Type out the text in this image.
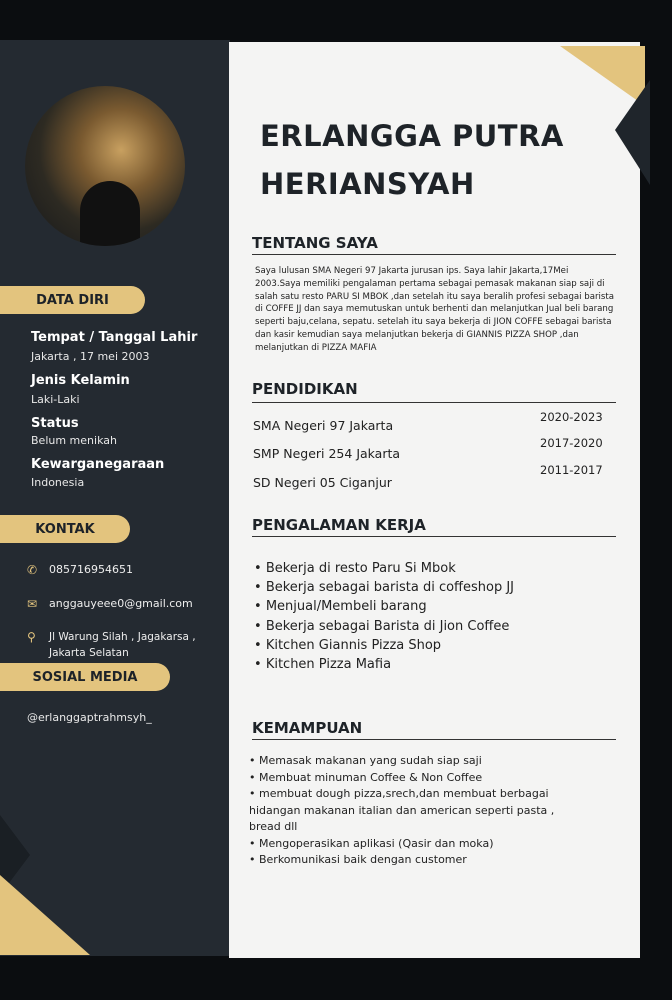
DATA DIRI
Tempat / Tanggal Lahir
Jakarta , 17 mei 2003
Jenis Kelamin
Laki-Laki
Status
Belum menikah
Kewarganegaraan
Indonesia
KONTAK
✆	085716954651
✉	anggauyeee0@gmail.com
⚲	Jl Warung Silah , Jagakarsa ,
Jakarta Selatan
SOSIAL MEDIA
@erlanggaptrahmsyh_
ERLANGGA PUTRA
HERIANSYAH
TENTANG SAYA
Saya lulusan SMA Negeri 97 Jakarta jurusan ips. Saya lahir Jakarta,17Mei 2003.Saya memiliki pengalaman pertama sebagai pemasak makanan siap saji di salah satu resto PARU SI MBOK ,dan setelah itu saya beralih profesi sebagai barista di COFFE JJ dan saya memutuskan untuk berhenti dan melanjutkan Jual beli barang seperti baju,celana, sepatu. setelah itu saya bekerja di JION COFFE sebagai barista dan kasir kemudian saya melanjutkan bekerja di GIANNIS PIZZA SHOP ,dan melanjutkan di PIZZA MAFIA
PENDIDIKAN
SMA Negeri 97 Jakarta
2020-2023
SMP Negeri 254 Jakarta
2017-2020
SD Negeri 05 Ciganjur
2011-2017
PENGALAMAN KERJA
• Bekerja di resto Paru Si Mbok
• Bekerja sebagai barista di coffeshop JJ
• Menjual/Membeli barang
• Bekerja sebagai Barista di Jion Coffee
• Kitchen Giannis Pizza Shop
• Kitchen Pizza Mafia
KEMAMPUAN
• Memasak makanan yang sudah siap saji
• Membuat minuman Coffee & Non Coffee
• membuat dough pizza,srech,dan membuat berbagai hidangan makanan italian dan american seperti pasta , bread dll
• Mengoperasikan aplikasi (Qasir dan moka)
• Berkomunikasi baik dengan customer
